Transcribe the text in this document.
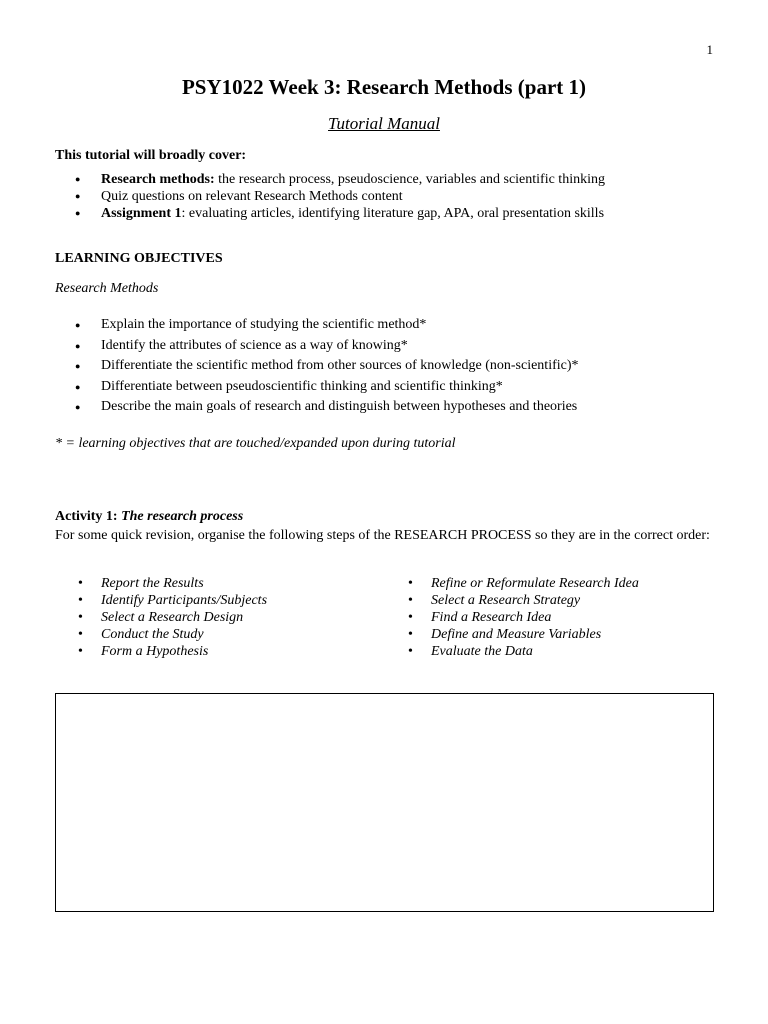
1
PSY1022 Week 3: Research Methods (part 1)
Tutorial Manual
This tutorial will broadly cover:
● Research methods: the research process, pseudoscience, variables and scientific thinking
● Quiz questions on relevant Research Methods content
● Assignment 1: evaluating articles, identifying literature gap, APA, oral presentation skills
LEARNING OBJECTIVES
Research Methods
● Explain the importance of studying the scientific method*
● Identify the attributes of science as a way of knowing*
● Differentiate the scientific method from other sources of knowledge (non-scientific)*
● Differentiate between pseudoscientific thinking and scientific thinking*
● Describe the main goals of research and distinguish between hypotheses and theories
* = learning objectives that are touched/expanded upon during tutorial
Activity 1: The research process
For some quick revision, organise the following steps of the RESEARCH PROCESS so they are in the correct order:
• Report the Results
• Identify Participants/Subjects
• Select a Research Design
• Conduct the Study
• Form a Hypothesis
• Refine or Reformulate Research Idea
• Select a Research Strategy
• Find a Research Idea
• Define and Measure Variables
• Evaluate the Data
